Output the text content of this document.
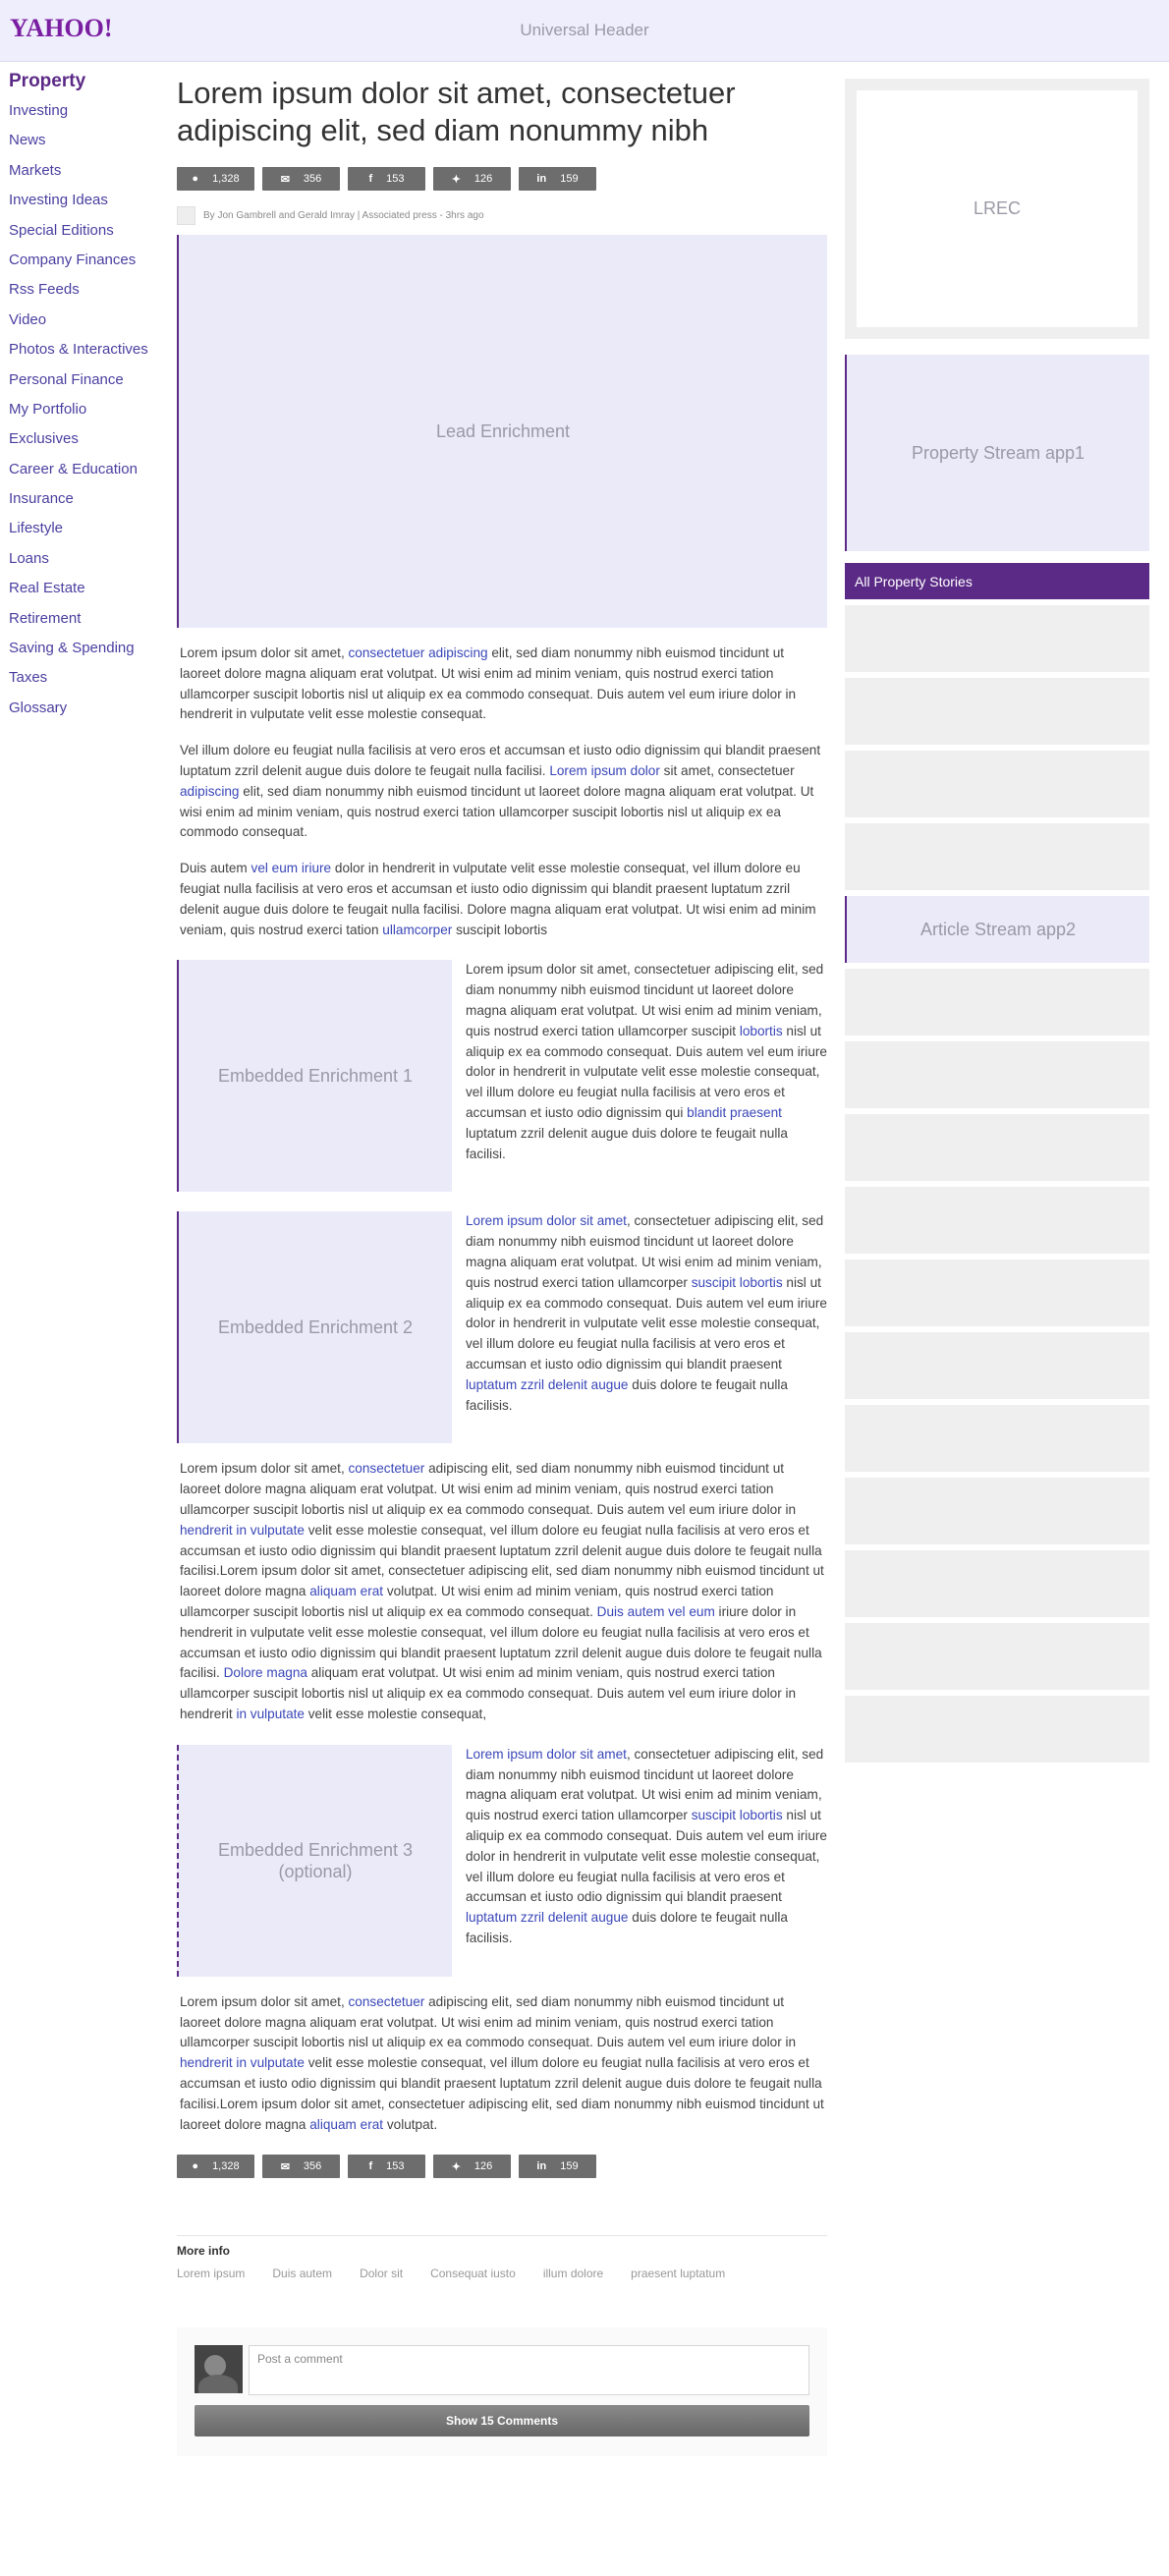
YAHOO!	Universal Header
Property
Investing
News
Markets
Investing Ideas
Special Editions
Company Finances
Rss Feeds
Video
Photos & Interactives
Personal Finance
My Portfolio
Exclusives
Career & Education
Insurance
Lifestyle
Loans
Real Estate
Retirement
Saving & Spending
Taxes
Glossary
Lorem ipsum dolor sit amet, consectetuer adipiscing elit, sed diam nonummy nibh
● 1,328	✉ 356	f 153	✦ 126	in 159
By Jon Gambrell and Gerald Imray | Associated press - 3hrs ago
Lead Enrichment

Lorem ipsum dolor sit amet, consectetuer adipiscing elit, sed diam nonummy nibh euismod tincidunt ut laoreet dolore magna aliquam erat volutpat. Ut wisi enim ad minim veniam, quis nostrud exerci tation ullamcorper suscipit lobortis nisl ut aliquip ex ea commodo consequat. Duis autem vel eum iriure dolor in hendrerit in vulputate velit esse molestie consequat.

Vel illum dolore eu feugiat nulla facilisis at vero eros et accumsan et iusto odio dignissim qui blandit praesent luptatum zzril delenit augue duis dolore te feugait nulla facilisi. Lorem ipsum dolor sit amet, consectetuer adipiscing elit, sed diam nonummy nibh euismod tincidunt ut laoreet dolore magna aliquam erat volutpat. Ut wisi enim ad minim veniam, quis nostrud exerci tation ullamcorper suscipit lobortis nisl ut aliquip ex ea commodo consequat.

Duis autem vel eum iriure dolor in hendrerit in vulputate velit esse molestie consequat, vel illum dolore eu feugiat nulla facilisis at vero eros et accumsan et iusto odio dignissim qui blandit praesent luptatum zzril delenit augue duis dolore te feugait nulla facilisi. Dolore magna aliquam erat volutpat. Ut wisi enim ad minim veniam, quis nostrud exerci tation ullamcorper suscipit lobortis

Embedded Enrichment 1
Lorem ipsum dolor sit amet, consectetuer adipiscing elit, sed diam nonummy nibh euismod tincidunt ut laoreet dolore magna aliquam erat volutpat. Ut wisi enim ad minim veniam, quis nostrud exerci tation ullamcorper suscipit lobortis nisl ut aliquip ex ea commodo consequat. Duis autem vel eum iriure dolor in hendrerit in vulputate velit esse molestie consequat, vel illum dolore eu feugiat nulla facilisis at vero eros et accumsan et iusto odio dignissim qui blandit praesent luptatum zzril delenit augue duis dolore te feugait nulla facilisi.
Embedded Enrichment 2
Lorem ipsum dolor sit amet, consectetuer adipiscing elit, sed diam nonummy nibh euismod tincidunt ut laoreet dolore magna aliquam erat volutpat. Ut wisi enim ad minim veniam, quis nostrud exerci tation ullamcorper suscipit lobortis nisl ut aliquip ex ea commodo consequat. Duis autem vel eum iriure dolor in hendrerit in vulputate velit esse molestie consequat, vel illum dolore eu feugiat nulla facilisis at vero eros et accumsan et iusto odio dignissim qui blandit praesent luptatum zzril delenit augue duis dolore te feugait nulla facilisis.

Lorem ipsum dolor sit amet, consectetuer adipiscing elit, sed diam nonummy nibh euismod tincidunt ut laoreet dolore magna aliquam erat volutpat. Ut wisi enim ad minim veniam, quis nostrud exerci tation ullamcorper suscipit lobortis nisl ut aliquip ex ea commodo consequat. Duis autem vel eum iriure dolor in hendrerit in vulputate velit esse molestie consequat, vel illum dolore eu feugiat nulla facilisis at vero eros et accumsan et iusto odio dignissim qui blandit praesent luptatum zzril delenit augue duis dolore te feugait nulla facilisi.Lorem ipsum dolor sit amet, consectetuer adipiscing elit, sed diam nonummy nibh euismod tincidunt ut laoreet dolore magna aliquam erat volutpat. Ut wisi enim ad minim veniam, quis nostrud exerci tation ullamcorper suscipit lobortis nisl ut aliquip ex ea commodo consequat. Duis autem vel eum iriure dolor in hendrerit in vulputate velit esse molestie consequat, vel illum dolore eu feugiat nulla facilisis at vero eros et accumsan et iusto odio dignissim qui blandit praesent luptatum zzril delenit augue duis dolore te feugait nulla facilisi. Dolore magna aliquam erat volutpat. Ut wisi enim ad minim veniam, quis nostrud exerci tation ullamcorper suscipit lobortis nisl ut aliquip ex ea commodo consequat. Duis autem vel eum iriure dolor in hendrerit in vulputate velit esse molestie consequat,

Embedded Enrichment 3
(optional)
Lorem ipsum dolor sit amet, consectetuer adipiscing elit, sed diam nonummy nibh euismod tincidunt ut laoreet dolore magna aliquam erat volutpat. Ut wisi enim ad minim veniam, quis nostrud exerci tation ullamcorper suscipit lobortis nisl ut aliquip ex ea commodo consequat. Duis autem vel eum iriure dolor in hendrerit in vulputate velit esse molestie consequat, vel illum dolore eu feugiat nulla facilisis at vero eros et accumsan et iusto odio dignissim qui blandit praesent luptatum zzril delenit augue duis dolore te feugait nulla facilisis.

Lorem ipsum dolor sit amet, consectetuer adipiscing elit, sed diam nonummy nibh euismod tincidunt ut laoreet dolore magna aliquam erat volutpat. Ut wisi enim ad minim veniam, quis nostrud exerci tation ullamcorper suscipit lobortis nisl ut aliquip ex ea commodo consequat. Duis autem vel eum iriure dolor in hendrerit in vulputate velit esse molestie consequat, vel illum dolore eu feugiat nulla facilisis at vero eros et accumsan et iusto odio dignissim qui blandit praesent luptatum zzril delenit augue duis dolore te feugait nulla facilisi.Lorem ipsum dolor sit amet, consectetuer adipiscing elit, sed diam nonummy nibh euismod tincidunt ut laoreet dolore magna aliquam erat volutpat.

● 1,328	✉ 356	f 153	✦ 126	in 159
More info
Lorem ipsum Duis autem Dolor sit Consequat iusto illum dolore praesent luptatum
Post a comment
Show 15 Comments
LREC
Property Stream app1
All Property Stories
Article Stream app2
